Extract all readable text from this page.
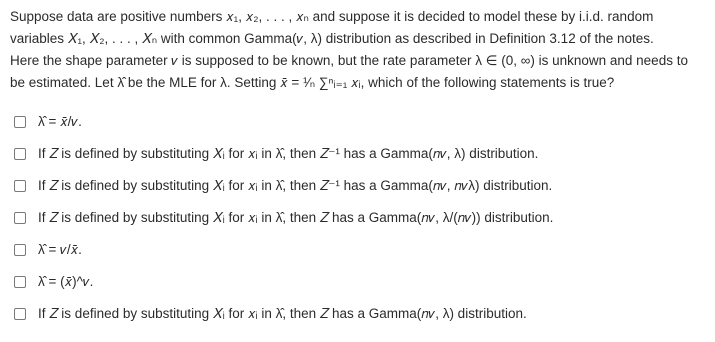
Suppose data are positive numbers 𝑥₁, 𝑥₂, . . . , 𝑥ₙ and suppose it is decided to model these by i.i.d. random
variables 𝑋₁, 𝑋₂, . . . , 𝑋ₙ with common Gamma(𝜈, λ) distribution as described in Definition 3.12 of the notes.
Here the shape parameter 𝜈 is supposed to be known, but the rate parameter λ ∈ (0, ∞) is unknown and needs to
be estimated. Let λ̂ be the MLE for λ. Setting 𝑥̄ = ¹⁄ₙ ∑ⁿᵢ₌₁ 𝑥ᵢ, which of the following statements is true?
λ̂ = 𝑥̄/𝜈.
If 𝑍 is defined by substituting 𝑋ᵢ for 𝑥ᵢ in λ̂, then 𝑍⁻¹ has a Gamma(𝑛𝜈, λ) distribution.
If 𝑍 is defined by substituting 𝑋ᵢ for 𝑥ᵢ in λ̂, then 𝑍⁻¹ has a Gamma(𝑛𝜈, 𝑛𝜈λ) distribution.
If 𝑍 is defined by substituting 𝑋ᵢ for 𝑥ᵢ in λ̂, then 𝑍 has a Gamma(𝑛𝜈, λ/(𝑛𝜈)) distribution.
λ̂ = 𝜈/𝑥̄.
λ̂ = (𝑥̄)^𝜈.
If 𝑍 is defined by substituting 𝑋ᵢ for 𝑥ᵢ in λ̂, then 𝑍 has a Gamma(𝑛𝜈, λ) distribution.
